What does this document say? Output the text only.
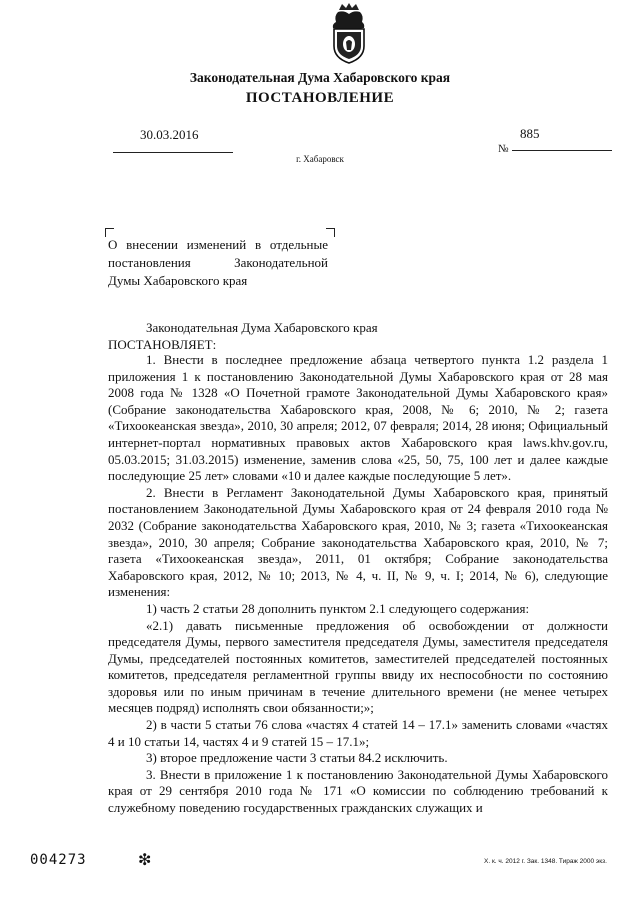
Законодательная Дума Хабаровского края
ПОСТАНОВЛЕНИЕ
30.03.2016	885
№
г. Хабаровск
О внесении изменений в отдельные
постановления Законодательной
Думы Хабаровского края
Законодательная Дума Хабаровского края
ПОСТАНОВЛЯЕТ:

1. Внести в последнее предложение абзаца четвертого пункта 1.2 раздела 1 приложения 1 к постановлению Законодательной Думы Хабаровского края от 28 мая 2008 года № 1328 «О Почетной грамоте Законодательной Думы Хабаровского края» (Собрание законодательства Хабаровского края, 2008, № 6; 2010, № 2; газета «Тихоокеанская звезда», 2010, 30 апреля; 2012, 07 февраля; 2014, 28 июня; Официальный интернет-портал нормативных правовых актов Хабаровского края laws.khv.gov.ru, 05.03.2015; 31.03.2015) изменение, заменив слова «25, 50, 75, 100 лет и далее каждые последующие 25 лет» словами «10 и далее каждые последующие 5 лет».

2. Внести в Регламент Законодательной Думы Хабаровского края, принятый постановлением Законодательной Думы Хабаровского края от 24 февраля 2010 года № 2032 (Собрание законодательства Хабаровского края, 2010, № 3; газета «Тихоокеанская звезда», 2010, 30 апреля; Собрание законодательства Хабаровского края, 2010, № 7; газета «Тихоокеанская звезда», 2011, 01 октября; Собрание законодательства Хабаровского края, 2012, № 10; 2013, № 4, ч. II, № 9, ч. I; 2014, № 6), следующие изменения:

1) часть 2 статьи 28 дополнить пунктом 2.1 следующего содержания:

«2.1) давать письменные предложения об освобождении от должности председателя Думы, первого заместителя председателя Думы, заместителя председателя Думы, председателей постоянных комитетов, заместителей председателей постоянных комитетов, председателя регламентной группы ввиду их неспособности по состоянию здоровья или по иным причинам в течение длительного времени (не менее четырех месяцев подряд) исполнять свои обязанности;»;

2) в части 5 статьи 76 слова «частях 4 статей 14 – 17.1» заменить словами «частях 4 и 10 статьи 14, частях 4 и 9 статей 15 – 17.1»;

3) второе предложение части 3 статьи 84.2 исключить.

3. Внести в приложение 1 к постановлению Законодательной Думы Хабаровского края от 29 сентября 2010 года № 171 «О комиссии по соблюдению требований к служебному поведению государственных гражданских служащих и

004273	❇	Х. к. ч. 2012 г. Зак. 1348. Тираж 2000 экз.
